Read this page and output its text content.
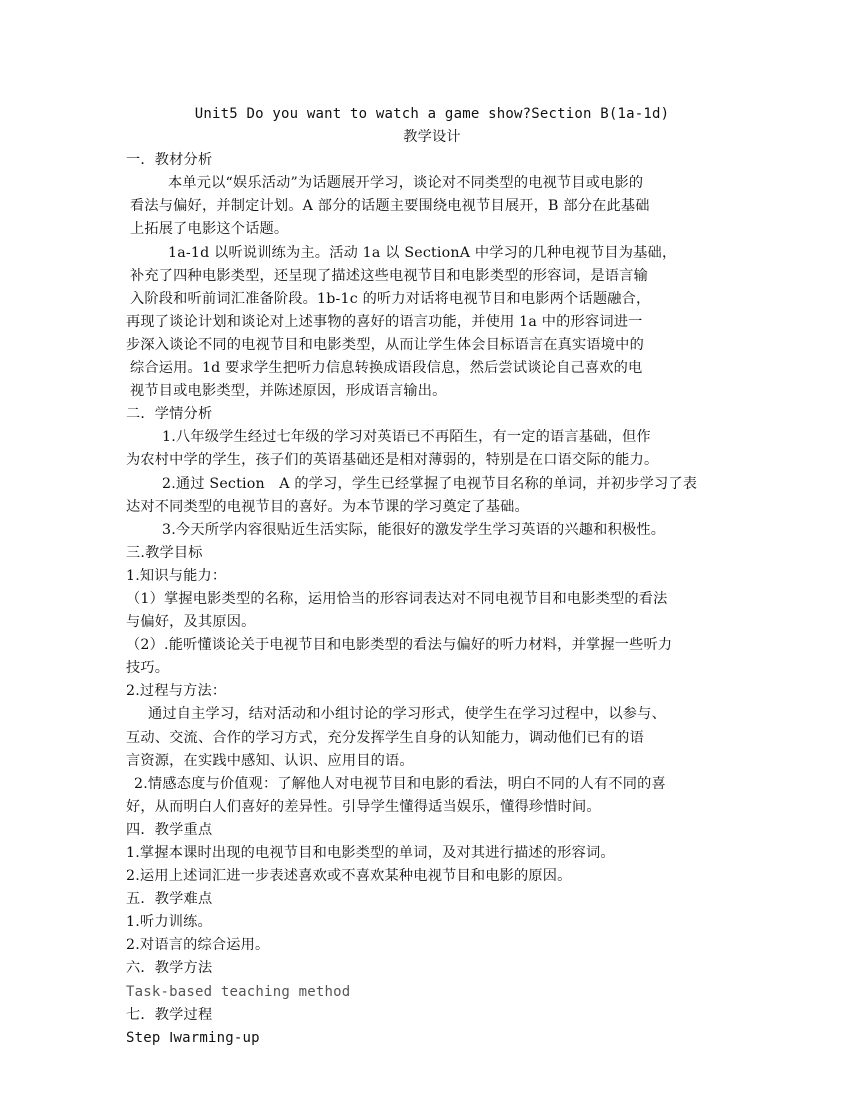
Unit5 Do you want to watch a game show?Section B(1a-1d)
教学设计
一．教材分析
本单元以“娱乐活动”为话题展开学习，谈论对不同类型的电视节目或电影的
看法与偏好，并制定计划。A 部分的话题主要围绕电视节目展开，B 部分在此基础
上拓展了电影这个话题。
1a-1d 以听说训练为主。活动 1a 以 SectionA 中学习的几种电视节目为基础，
补充了四种电影类型，还呈现了描述这些电视节目和电影类型的形容词，是语言输
入阶段和听前词汇准备阶段。1b-1c 的听力对话将电视节目和电影两个话题融合，
再现了谈论计划和谈论对上述事物的喜好的语言功能，并使用 1a 中的形容词进一
步深入谈论不同的电视节目和电影类型，从而让学生体会目标语言在真实语境中的
综合运用。1d 要求学生把听力信息转换成语段信息，然后尝试谈论自己喜欢的电
视节目或电影类型，并陈述原因，形成语言输出。
二．学情分析
1.八年级学生经过七年级的学习对英语已不再陌生，有一定的语言基础，但作
为农村中学的学生，孩子们的英语基础还是相对薄弱的，特别是在口语交际的能力。
2.通过 Section　A 的学习，学生已经掌握了电视节目名称的单词，并初步学习了表
达对不同类型的电视节目的喜好。为本节课的学习奠定了基础。
3.今天所学内容很贴近生活实际，能很好的激发学生学习英语的兴趣和积极性。
三.教学目标
1.知识与能力：
（1）掌握电影类型的名称，运用恰当的形容词表达对不同电视节目和电影类型的看法
与偏好，及其原因。
（2）.能听懂谈论关于电视节目和电影类型的看法与偏好的听力材料，并掌握一些听力
技巧。
2.过程与方法：
通过自主学习，结对活动和小组讨论的学习形式，使学生在学习过程中，以参与、
互动、交流、合作的学习方式，充分发挥学生自身的认知能力，调动他们已有的语
言资源，在实践中感知、认识、应用目的语。
2.情感态度与价值观：了解他人对电视节目和电影的看法，明白不同的人有不同的喜
好，从而明白人们喜好的差异性。引导学生懂得适当娱乐，懂得珍惜时间。
四．教学重点
1.掌握本课时出现的电视节目和电影类型的单词，及对其进行描述的形容词。
2.运用上述词汇进一步表述喜欢或不喜欢某种电视节目和电影的原因。
五．教学难点
1.听力训练。
2.对语言的综合运用。
六．教学方法
Task-based teaching method
七．教学过程
Step Ⅰwarming-up
